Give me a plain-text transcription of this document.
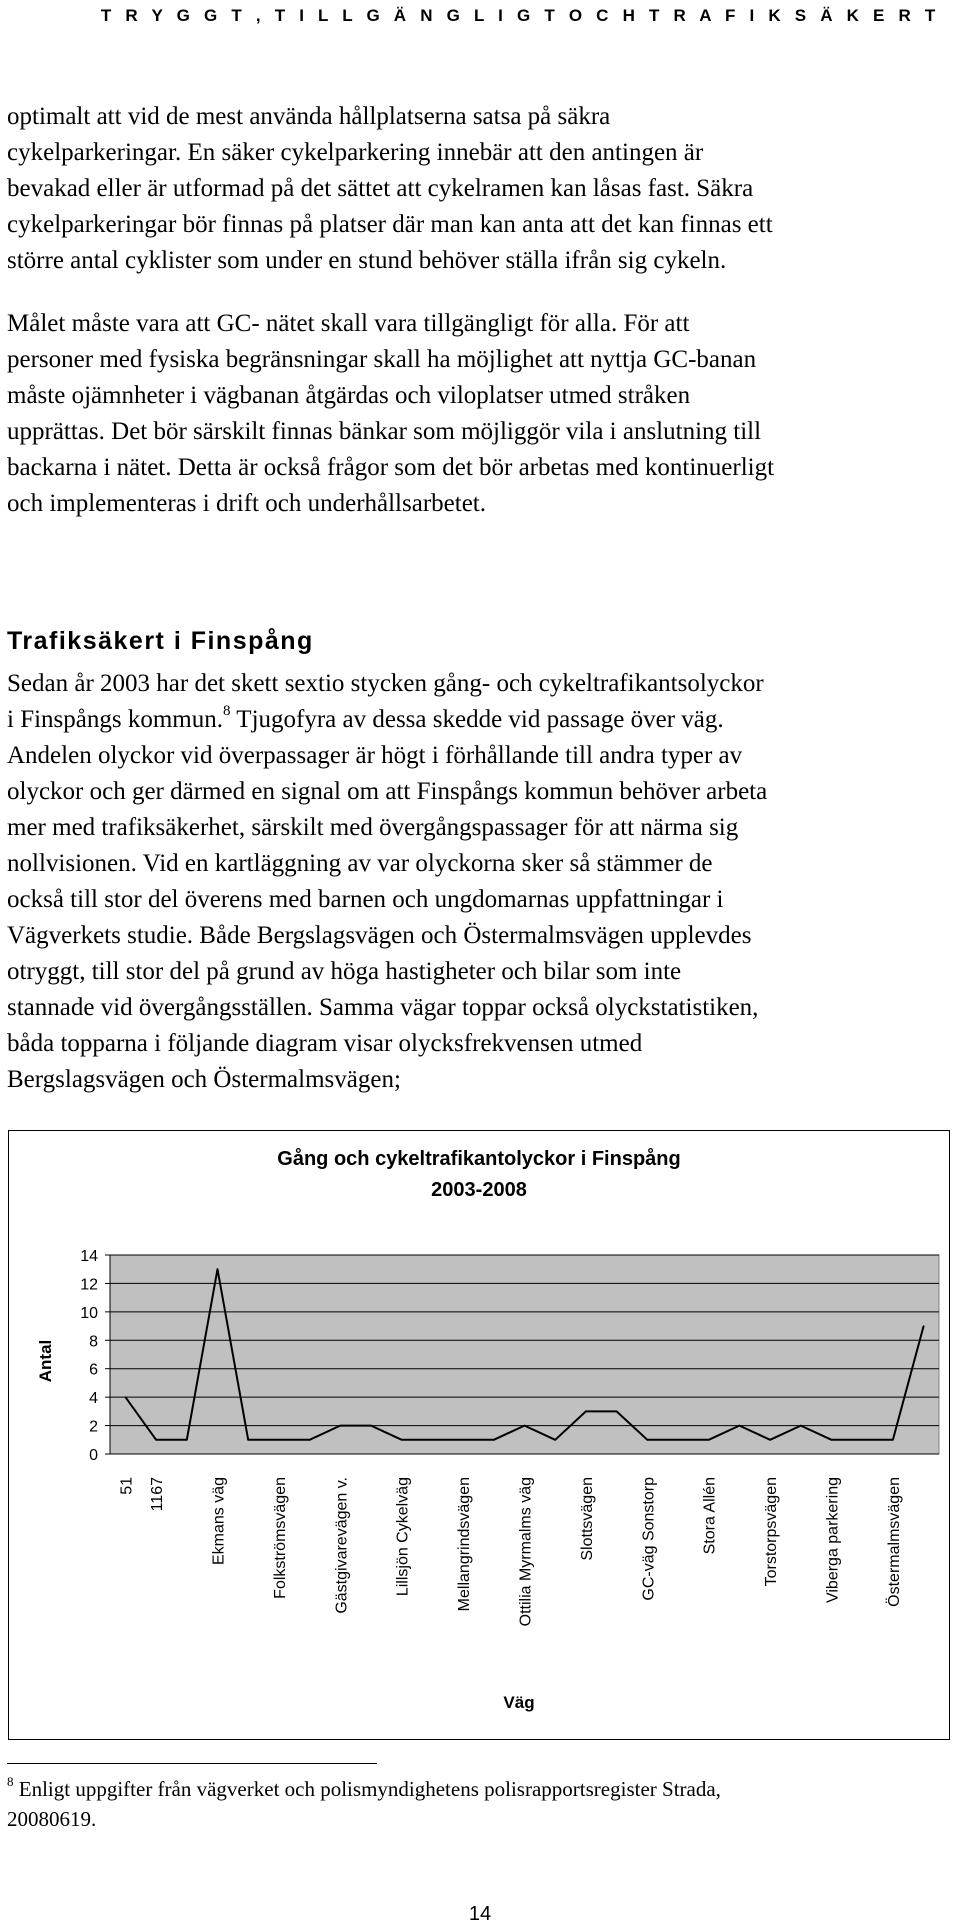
T R Y G G T , T I L L G Ä N G L I G T O C H T R A F I K S Ä K E R T
optimalt att vid de mest använda hållplatserna satsa på säkra
cykelparkeringar. En säker cykelparkering innebär att den antingen är
bevakad eller är utformad på det sättet att cykelramen kan låsas fast. Säkra
cykelparkeringar bör finnas på platser där man kan anta att det kan finnas ett
större antal cyklister som under en stund behöver ställa ifrån sig cykeln.
Målet måste vara att GC- nätet skall vara tillgängligt för alla. För att
personer med fysiska begränsningar skall ha möjlighet att nyttja GC-banan
måste ojämnheter i vägbanan åtgärdas och viloplatser utmed stråken
upprättas. Det bör särskilt finnas bänkar som möjliggör vila i anslutning till
backarna i nätet. Detta är också frågor som det bör arbetas med kontinuerligt
och implementeras i drift och underhållsarbetet.
Trafiksäkert i Finspång
Sedan år 2003 har det skett sextio stycken gång- och cykeltrafikantsolyckor
i Finspångs kommun.$^8$ Tjugofyra av dessa skedde vid passage över väg.
Andelen olyckor vid överpassager är högt i förhållande till andra typer av
olyckor och ger därmed en signal om att Finspångs kommun behöver arbeta
mer med trafiksäkerhet, särskilt med övergångspassager för att närma sig
nollvisionen. Vid en kartläggning av var olyckorna sker så stämmer de
också till stor del överens med barnen och ungdomarnas uppfattningar i
Vägverkets studie. Både Bergslagsvägen och Östermalmsvägen upplevdes
otryggt, till stor del på grund av höga hastigheter och bilar som inte
stannade vid övergångsställen. Samma vägar toppar också olyckstatistiken,
båda topparna i följande diagram visar olycksfrekvensen utmed
Bergslagsvägen och Östermalmsvägen;
Gång och cykeltrafikantolyckor i Finspång
2003-2008
0
2
4
6
8
10
12
14
51 1167	Ekmans väg	Folkströmsvägen	Gästgivarevägen v.	Lillsjön Cykelväg	Mellangrindsvägen	Ottilia Myrmalms väg	Slottsvägen	GC-väg Sonstorp	Stora Allén	Torstorpsvägen	Viberga parkering	Östermalmsvägen
Antal
Väg
$^8$ Enligt uppgifter från vägverket och polismyndighetens polisrapportsregister Strada,
20080619.
14
